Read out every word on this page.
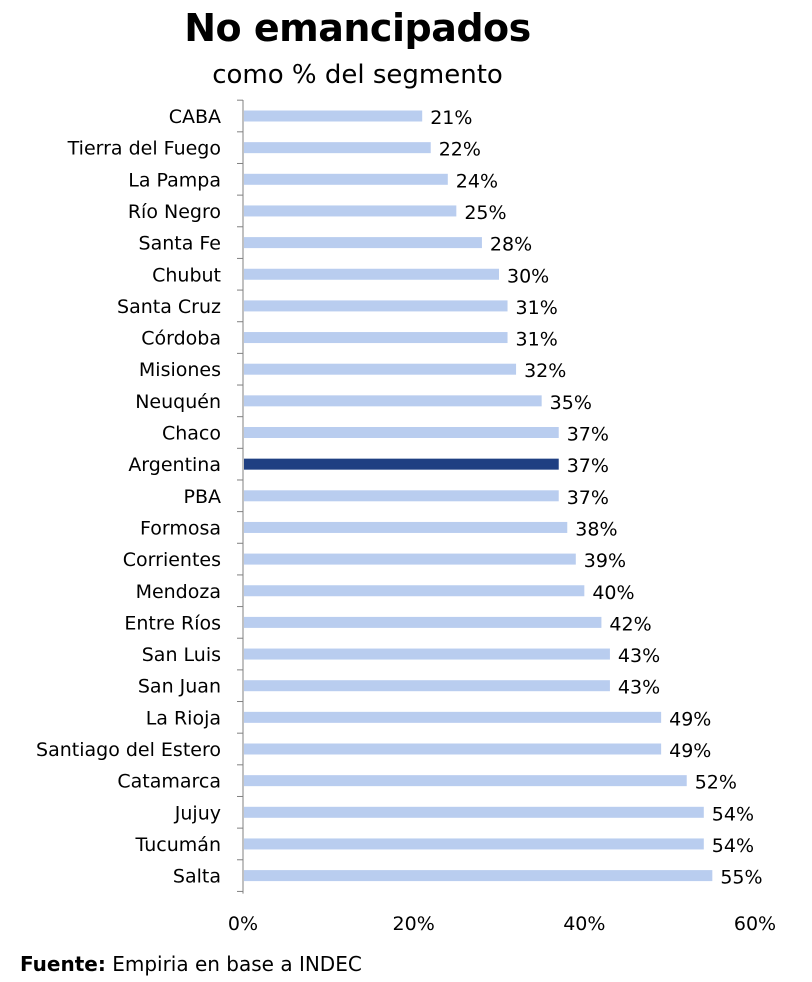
No emancipados
como % del segmento
CABA	21%
Tierra del Fuego	22%
La Pampa	24%
Río Negro	25%
Santa Fe	28%
Chubut	30%
Santa Cruz	31%
Córdoba	31%
Misiones	32%
Neuquén	35%
Chaco	37%
Argentina	37%
PBA	37%
Formosa	38%
Corrientes	39%
Mendoza	40%
Entre Ríos	42%
San Luis	43%
San Juan	43%
La Rioja	49%
Santiago del Estero	49%
Catamarca	52%
Jujuy	54%
Tucumán	54%
Salta	55%
0%	20%	40%	60%
Fuente: Empiria en base a INDEC
